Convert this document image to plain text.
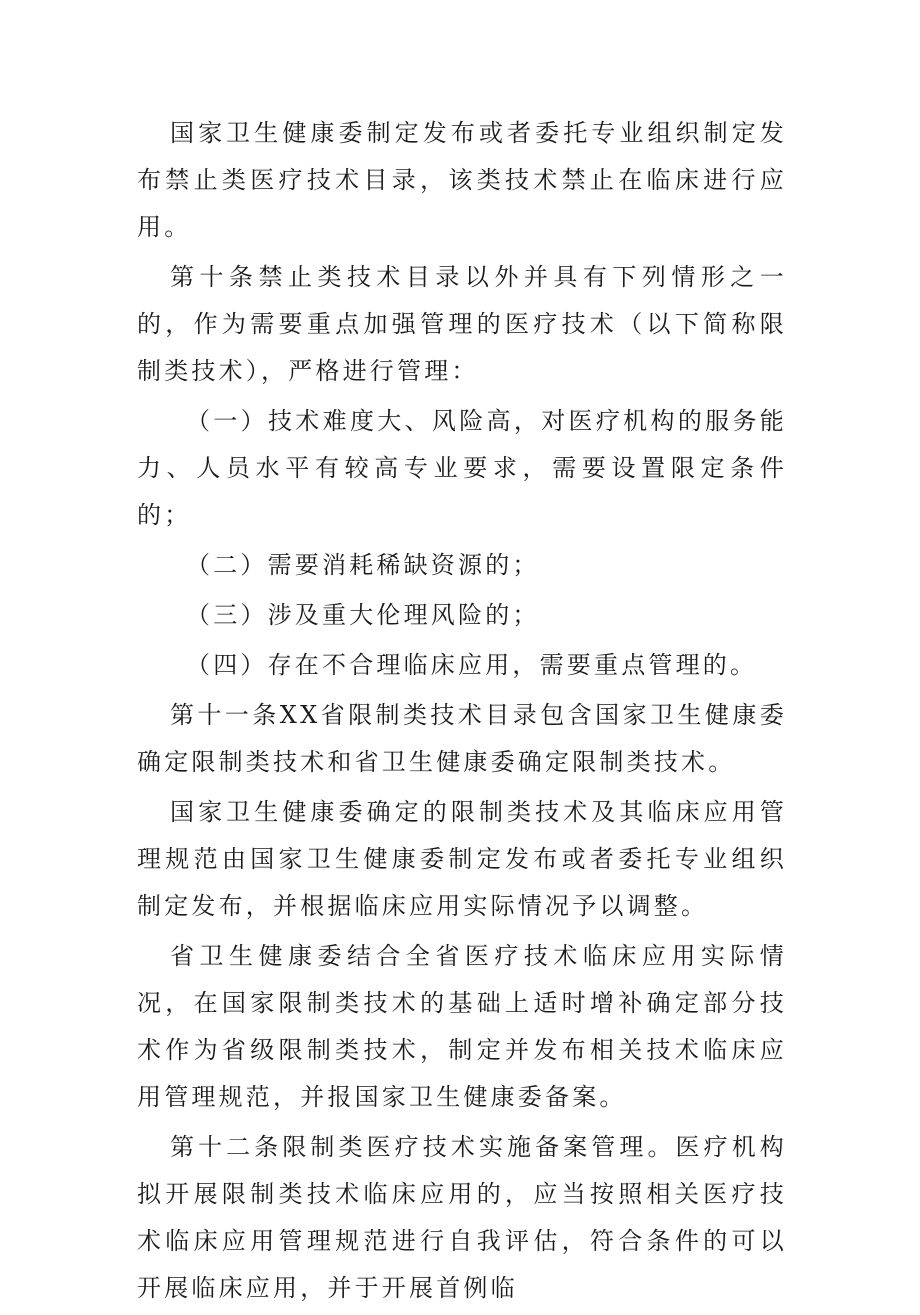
国家卫生健康委制定发布或者委托专业组织制定发布禁止类医疗技术目录，该类技术禁止在临床进行应用。

第十条禁止类技术目录以外并具有下列情形之一的，作为需要重点加强管理的医疗技术（以下简称限制类技术），严格进行管理：

（一）技术难度大、风险高，对医疗机构的服务能力、人员水平有较高专业要求，需要设置限定条件的；

（二）需要消耗稀缺资源的；

（三）涉及重大伦理风险的；

（四）存在不合理临床应用，需要重点管理的。

第十一条XX省限制类技术目录包含国家卫生健康委确定限制类技术和省卫生健康委确定限制类技术。

国家卫生健康委确定的限制类技术及其临床应用管理规范由国家卫生健康委制定发布或者委托专业组织制定发布，并根据临床应用实际情况予以调整。

省卫生健康委结合全省医疗技术临床应用实际情况，在国家限制类技术的基础上适时增补确定部分技术作为省级限制类技术，制定并发布相关技术临床应用管理规范，并报国家卫生健康委备案。

第十二条限制类医疗技术实施备案管理。医疗机构拟开展限制类技术临床应用的，应当按照相关医疗技术临床应用管理规范进行自我评估，符合条件的可以开展临床应用，并于开展首例临
